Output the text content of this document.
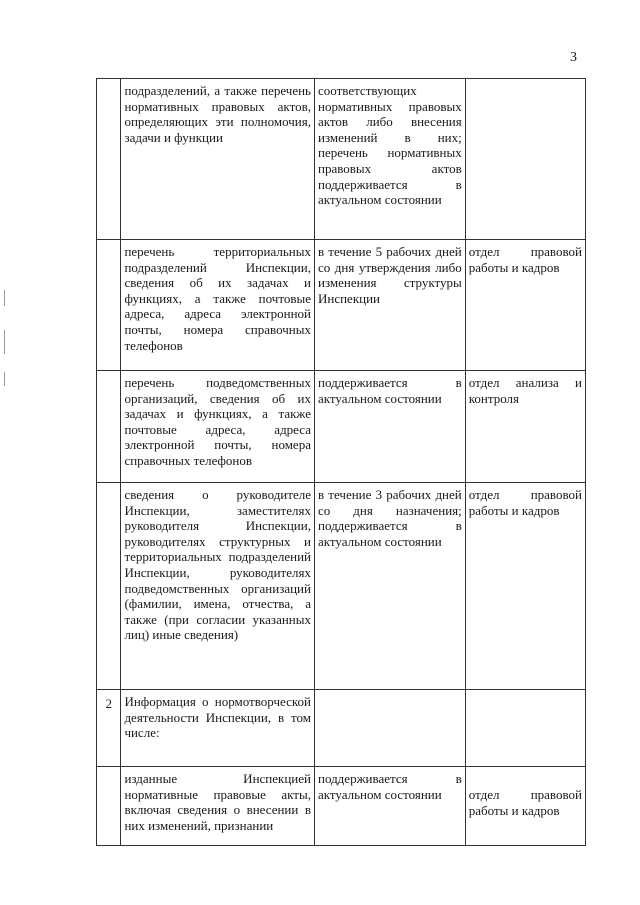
3
	подразделений, а также перечень нормативных правовых актов, определяющих эти полномочия, задачи и функции	соответствующих нормативных правовых актов либо внесения изменений в них; перечень нормативных правовых актов поддерживается в актуальном состоянии	
	перечень территориальных подразделений Инспекции, сведения об их задачах и функциях, а также почтовые адреса, адреса электронной почты, номера справочных телефонов	в течение 5 рабочих дней со дня утверждения либо изменения структуры Инспекции	отдел правовой работы и кадров
	перечень подведомственных организаций, сведения об их задачах и функциях, а также почтовые адреса, адреса электронной почты, номера справочных телефонов	поддерживается в актуальном состоянии	отдел анализа и контроля
	сведения о руководителе Инспекции, заместителях руководителя Инспекции, руководителях структурных и территориальных подразделений Инспекции, руководителях подведомственных организаций (фамилии, имена, отчества, а также (при согласии указанных лиц) иные сведения)	в течение 3 рабочих дней со дня назначения; поддерживается в актуальном состоянии	отдел правовой работы и кадров
2	Информация о нормотворческой деятельности Инспекции, в том числе:		
	изданные Инспекцией нормативные правовые акты, включая сведения о внесении в них изменений, признании	поддерживается в актуальном состоянии	отдел правовой работы и кадров
